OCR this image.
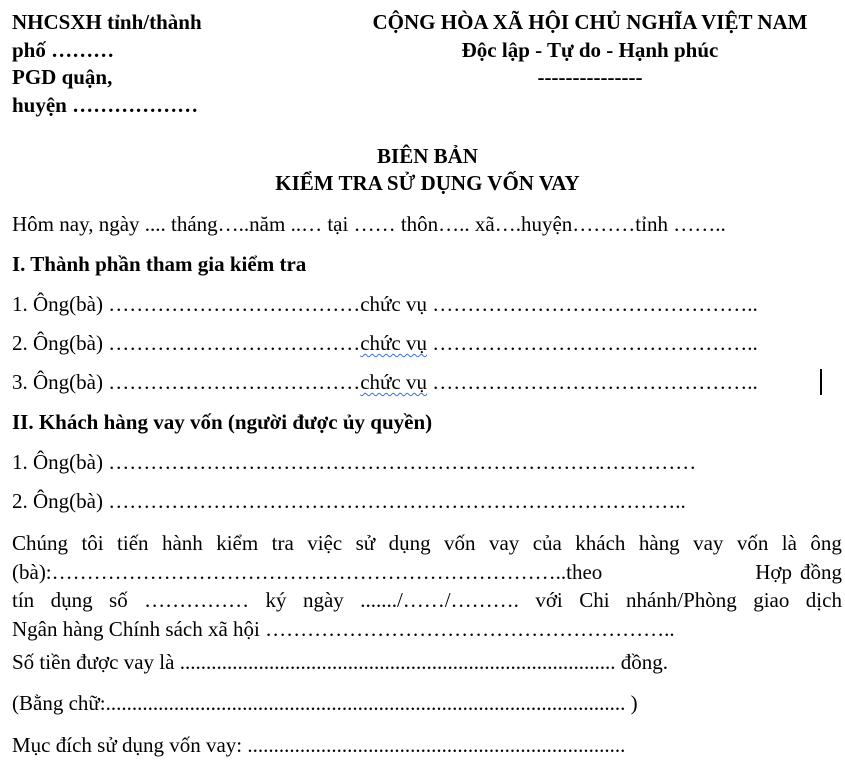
NHCSXH tỉnh/thành
phố ………
PGD quận,
huyện ………………
CỘNG HÒA XÃ HỘI CHỦ NGHĨA VIỆT NAM
Độc lập - Tự do - Hạnh phúc
---------------
BIÊN BẢN
KIỂM TRA SỬ DỤNG VỐN VAY
Hôm nay, ngày .... tháng…..năm ..… tại …… thôn….. xã….huyện………tỉnh ……..
I. Thành phần tham gia kiểm tra
1. Ông(bà) ………………………………chức vụ ………………………………………..
2. Ông(bà) ………………………………chức vụ ………………………………………..
3. Ông(bà) ………………………………chức vụ ………………………………………..
II. Khách hàng vay vốn (người được ủy quyền)
1. Ông(bà) …………………………………………………………………………
2. Ông(bà) ………………………………………………………………………..
Chúng tôi tiến hành kiểm tra việc sử dụng vốn vay của khách hàng vay vốn là ông
(bà):………………………………………………………………..theo	Hợp đồng
tín dụng số …………… ký ngày ......./……/………. với Chi nhánh/Phòng giao dịch
Ngân hàng Chính sách xã hội …………………………………………………..
Số tiền được vay là ................................................................................... đồng.
(Bằng chữ:................................................................................................... )
Mục đích sử dụng vốn vay: ........................................................................
